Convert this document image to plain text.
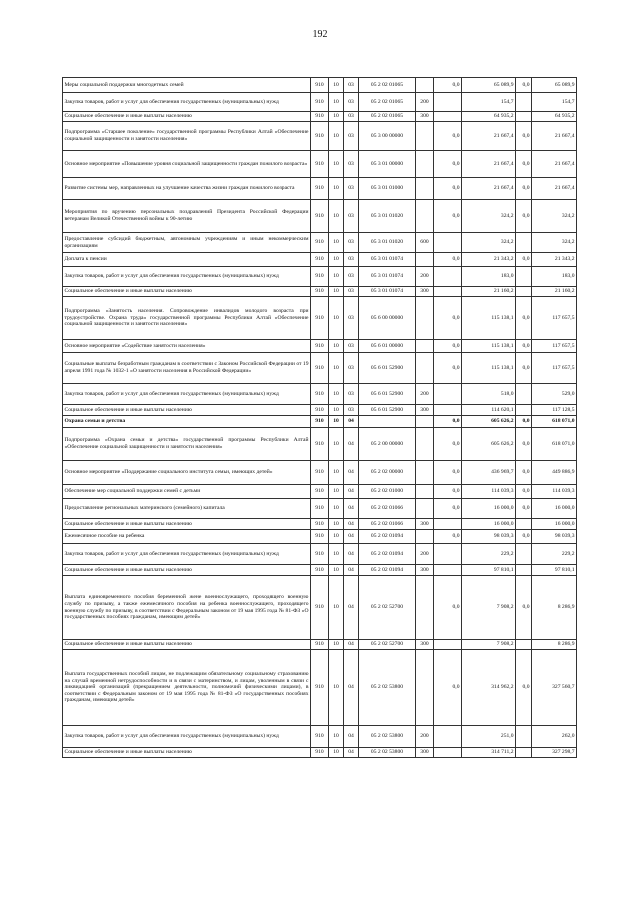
192
Меры социальной поддержки многодетных семей	910	10	03	05 2 02 01065		0,0	65 089,9	0,0	65 089,9
Закупка товаров, работ и услуг для обеспечения государственных (муниципальных) нужд	910	10	03	05 2 02 01065	200		154,7		154,7
Социальное обеспечение и иные выплаты населению	910	10	03	05 2 02 01065	300		64 935,2		64 935,2
Подпрограмма «Старшее поколение» государственной программы Республики Алтай «Обеспечение социальной защищенности и занятости населения»	910	10	03	05 3 00 00000		0,0	21 667,4	0,0	21 667,4
Основное мероприятие «Повышение уровня социальной защищенности граждан пожилого возраста»	910	10	03	05 3 01 00000		0,0	21 667,4	0,0	21 667,4
Развитие системы мер, направленных на улучшение качества жизни граждан пожилого возраста	910	10	03	05 3 01 01000		0,0	21 667,4	0,0	21 667,4
Мероприятия по вручению персональных поздравлений Президента Российской Федерации ветеранам Великой Отечественной войны к 90-летию	910	10	03	05 3 01 01020		0,0	324,2	0,0	324,2
Предоставление субсидий бюджетным, автономным учреждениям и иным некоммерческим организациям	910	10	03	05 3 01 01020	600		324,2		324,2
Доплата к пенсии	910	10	03	05 3 01 01074		0,0	21 343,2	0,0	21 343,2
Закупка товаров, работ и услуг для обеспечения государственных (муниципальных) нужд	910	10	03	05 3 01 01074	200		183,0		183,0
Социальное обеспечение и иные выплаты населению	910	10	03	05 3 01 01074	300		21 160,2		21 160,2
Подпрограмма «Занятость населения. Сопровождение инвалидов молодого возраста при трудоустройстве. Охрана труда» государственной программы Республики Алтай «Обеспечение социальной защищенности и занятости населения»	910	10	03	05 6 00 00000		0,0	115 138,1	0,0	117 657,5
Основное мероприятие «Содействие занятости населения»	910	10	03	05 6 01 00000		0,0	115 138,1	0,0	117 657,5
Социальные выплаты безработным гражданам в соответствии с Законом Российской Федерации от 19 апреля 1991 года № 1032-1 «О занятости населения в Российской Федерации»	910	10	03	05 6 01 52900		0,0	115 138,1	0,0	117 657,5
Закупка товаров, работ и услуг для обеспечения государственных (муниципальных) нужд	910	10	03	05 6 01 52900	200		518,0		529,0
Социальное обеспечение и иные выплаты населению	910	10	03	05 6 01 52900	300		114 620,1		117 128,5
Охрана семьи и детства	910	10	04			0,0	605 626,2	0,0	618 071,0
Подпрограмма «Охрана семьи и детства» государственной программы Республики Алтай «Обеспечение социальной защищенности и занятости населения»	910	10	04	05 2 00 00000		0,0	605 626,2	0,0	618 071,0
Основное мероприятие «Поддержание социального института семьи, имеющих детей»	910	10	04	05 2 02 00000		0,0	436 969,7	0,0	449 886,9
Обеспечение мер социальной поддержки семей с детьми	910	10	04	05 2 02 01000		0,0	114 039,3	0,0	114 039,3
Предоставление региональных материнского (семейного) капитала	910	10	04	05 2 02 01066		0,0	16 000,0	0,0	16 000,0
Социальное обеспечение и иные выплаты населению	910	10	04	05 2 02 01066	300		16 000,0		16 000,0
Ежемесячное пособие на ребенка	910	10	04	05 2 02 01094		0,0	98 039,3	0,0	98 039,3
Закупка товаров, работ и услуг для обеспечения государственных (муниципальных) нужд	910	10	04	05 2 02 01094	200		229,2		229,2
Социальное обеспечение и иные выплаты населению	910	10	04	05 2 02 01094	300		97 810,1		97 810,1
Выплата единовременного пособия беременной жене военнослужащего, проходящего военную службу по призыву, а также ежемесячного пособия на ребенка военнослужащего, проходящего военную службу по призыву, в соответствии с Федеральным законом от 19 мая 1995 года № 81-ФЗ «О государственных пособиях гражданам, имеющим детей»	910	10	04	05 2 02 52700		0,0	7 908,2	0,0	8 286,9
Социальное обеспечение и иные выплаты населению	910	10	04	05 2 02 52700	300		7 908,2		8 286,9
Выплата государственных пособий лицам, не подлежащим обязательному социальному страхованию на случай временной нетрудоспособности и в связи с материнством, и лицам, уволенным в связи с ликвидацией организаций (прекращением деятельности, полномочий физическими лицами), в соответствии с Федеральным законом от 19 мая 1995 года № 81-ФЗ «О государственных пособиях гражданам, имеющим детей»	910	10	04	05 2 02 53800		0,0	314 962,2	0,0	327 560,7
Закупка товаров, работ и услуг для обеспечения государственных (муниципальных) нужд	910	10	04	05 2 02 53800	200		251,0		262,0
Социальное обеспечение и иные выплаты населению	910	10	04	05 2 02 53800	300		314 711,2		327 298,7
